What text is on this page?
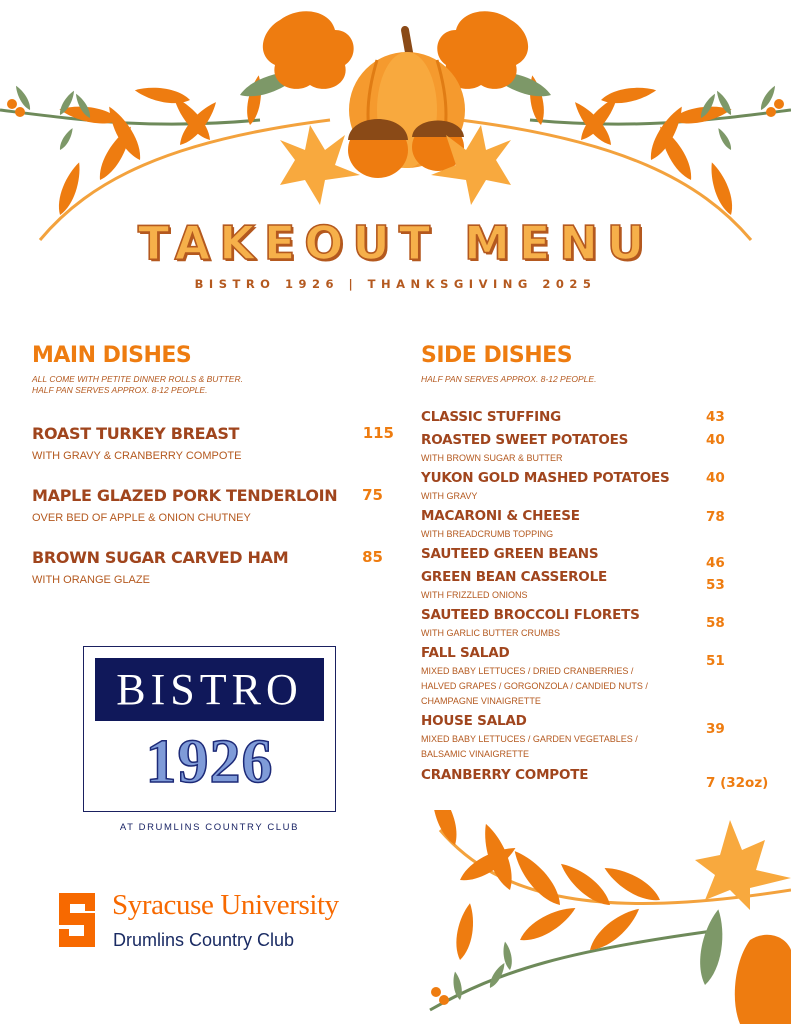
TAKEOUT MENU
BISTRO 1926 | THANKSGIVING 2025
MAIN DISHES
ALL COME WITH PETITE DINNER ROLLS & BUTTER.
HALF PAN SERVES APPROX. 8-12 PEOPLE.
ROAST TURKEY BREAST	115
WITH GRAVY & CRANBERRY COMPOTE
MAPLE GLAZED PORK TENDERLOIN	75
OVER BED OF APPLE & ONION CHUTNEY
BROWN SUGAR CARVED HAM	85
WITH ORANGE GLAZE
SIDE DISHES
HALF PAN SERVES APPROX. 8-12 PEOPLE.
CLASSIC STUFFING	43
ROASTED SWEET POTATOES
WITH BROWN SUGAR & BUTTER
40
YUKON GOLD MASHED POTATOES
WITH GRAVY
40
MACARONI & CHEESE
WITH BREADCRUMB TOPPING
78
SAUTEED GREEN BEANS
46
GREEN BEAN CASSEROLE
WITH FRIZZLED ONIONS
53
SAUTEED BROCCOLI FLORETS
WITH GARLIC BUTTER CRUMBS
58
FALL SALAD
MIXED BABY LETTUCES / DRIED CRANBERRIES /
HALVED GRAPES / GORGONZOLA / CANDIED NUTS /
CHAMPAGNE VINAIGRETTE
51
HOUSE SALAD
MIXED BABY LETTUCES / GARDEN VEGETABLES /
BALSAMIC VINAIGRETTE
39
CRANBERRY COMPOTE	7 (32oz)
BISTRO
1926
AT DRUMLINS COUNTRY CLUB
Syracuse University
Drumlins Country Club
